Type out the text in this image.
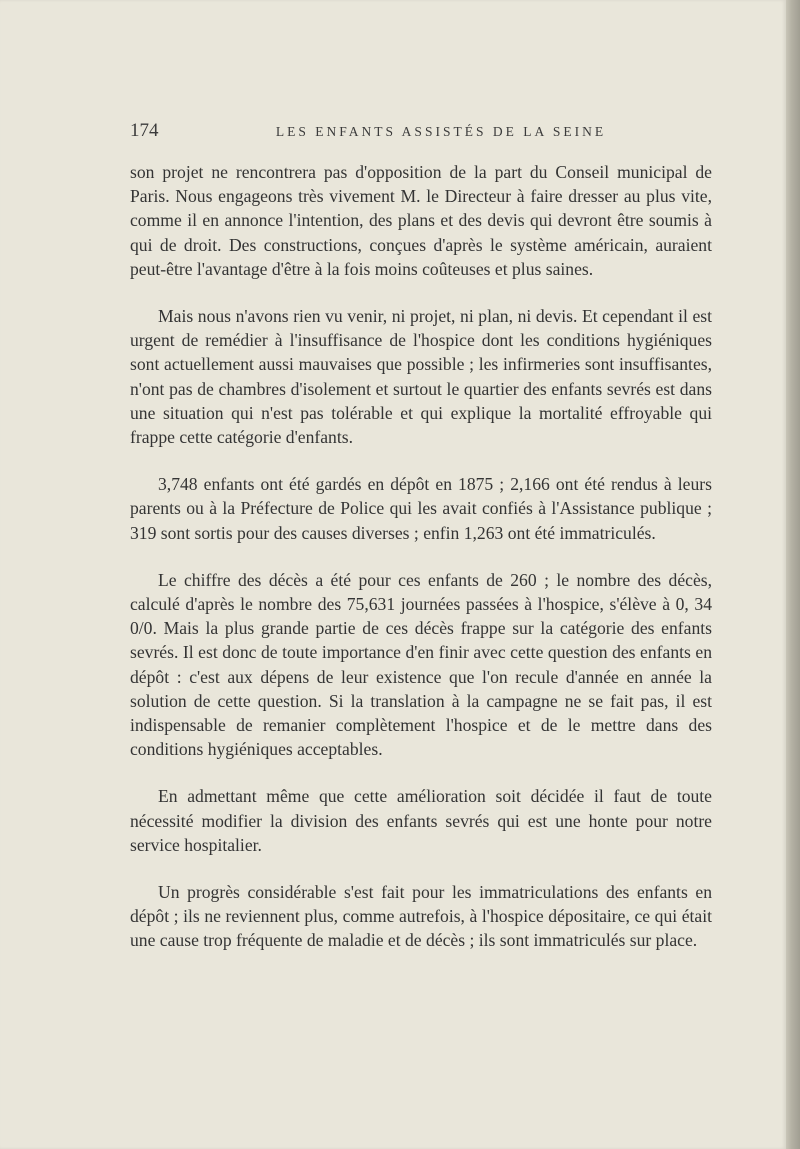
174	LES ENFANTS ASSISTÉS DE LA SEINE

son projet ne rencontrera pas d'opposition de la part du Conseil municipal de Paris. Nous engageons très vivement M. le Directeur à faire dresser au plus vite, comme il en annonce l'intention, des plans et des devis qui devront être soumis à qui de droit. Des constructions, conçues d'après le système américain, auraient peut-être l'avantage d'être à la fois moins coûteuses et plus saines.

Mais nous n'avons rien vu venir, ni projet, ni plan, ni devis. Et cependant il est urgent de remédier à l'insuffisance de l'hospice dont les conditions hygiéniques sont actuellement aussi mauvaises que possible ; les infirmeries sont insuffisantes, n'ont pas de chambres d'isolement et surtout le quartier des enfants sevrés est dans une situation qui n'est pas tolérable et qui explique la mortalité effroyable qui frappe cette catégorie d'enfants.

3,748 enfants ont été gardés en dépôt en 1875 ; 2,166 ont été rendus à leurs parents ou à la Préfecture de Police qui les avait confiés à l'Assistance publique ; 319 sont sortis pour des causes diverses ; enfin 1,263 ont été immatriculés.

Le chiffre des décès a été pour ces enfants de 260 ; le nombre des décès, calculé d'après le nombre des 75,631 journées passées à l'hospice, s'élève à 0, 34 0/0. Mais la plus grande partie de ces décès frappe sur la catégorie des enfants sevrés. Il est donc de toute importance d'en finir avec cette question des enfants en dépôt : c'est aux dépens de leur existence que l'on recule d'année en année la solution de cette question. Si la translation à la campagne ne se fait pas, il est indispensable de remanier complètement l'hospice et de le mettre dans des conditions hygiéniques acceptables.

En admettant même que cette amélioration soit décidée il faut de toute nécessité modifier la division des enfants sevrés qui est une honte pour notre service hospitalier.

Un progrès considérable s'est fait pour les immatriculations des enfants en dépôt ; ils ne reviennent plus, comme autrefois, à l'hospice dépositaire, ce qui était une cause trop fréquente de maladie et de décès ; ils sont immatriculés sur place.
